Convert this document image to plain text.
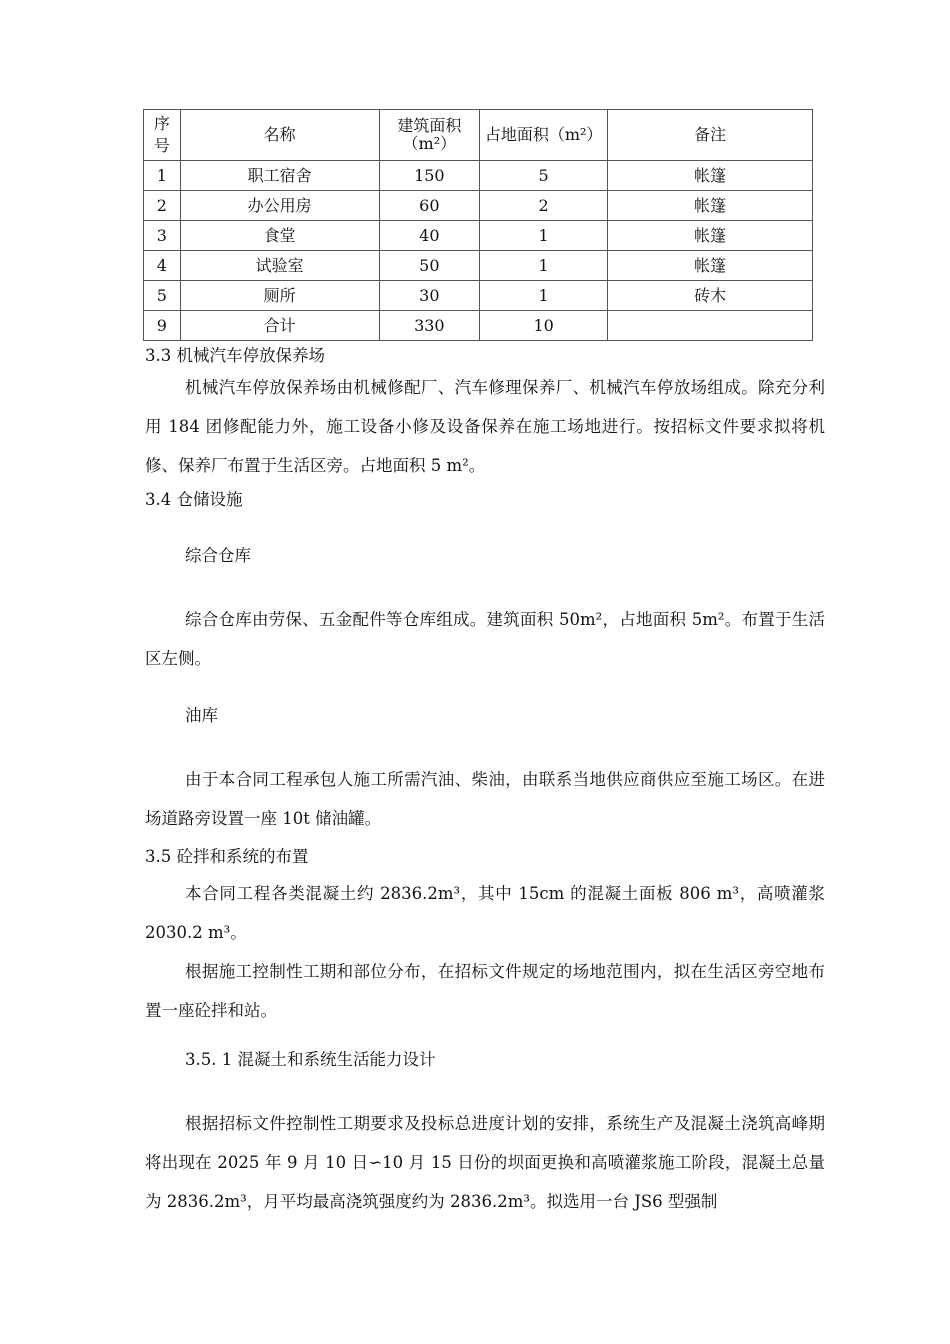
序号	名称	建筑面积（m²）	占地面积（m²）	备注
1	职工宿舍	150	5	帐篷
2	办公用房	60	2	帐篷
3	食堂	40	1	帐篷
4	试验室	50	1	帐篷
5	厕所	30	1	砖木
9	合计	330	10	
3.3 机械汽车停放保养场
机械汽车停放保养场由机械修配厂、汽车修理保养厂、机械汽车停放场组成。除充分利用 184 团修配能力外，施工设备小修及设备保养在施工场地进行。按招标文件要求拟将机修、保养厂布置于生活区旁。占地面积 5 m²。
3.4 仓储设施
综合仓库
综合仓库由劳保、五金配件等仓库组成。建筑面积 50m²，占地面积 5m²。布置于生活区左侧。
油库
由于本合同工程承包人施工所需汽油、柴油，由联系当地供应商供应至施工场区。在进场道路旁设置一座 10t 储油罐。
3.5 砼拌和系统的布置
本合同工程各类混凝土约 2836.2m³，其中 15cm 的混凝土面板 806 m³，高喷灌浆 2030.2 m³。
根据施工控制性工期和部位分布，在招标文件规定的场地范围内，拟在生活区旁空地布置一座砼拌和站。
3.5. 1 混凝土和系统生活能力设计
根据招标文件控制性工期要求及投标总进度计划的安排，系统生产及混凝土浇筑高峰期将出现在 2025 年 9 月 10 日∽10 月 15 日份的坝面更换和高喷灌浆施工阶段，混凝土总量为 2836.2m³，月平均最高浇筑强度约为 2836.2m³。拟选用一台 JS6 型强制
